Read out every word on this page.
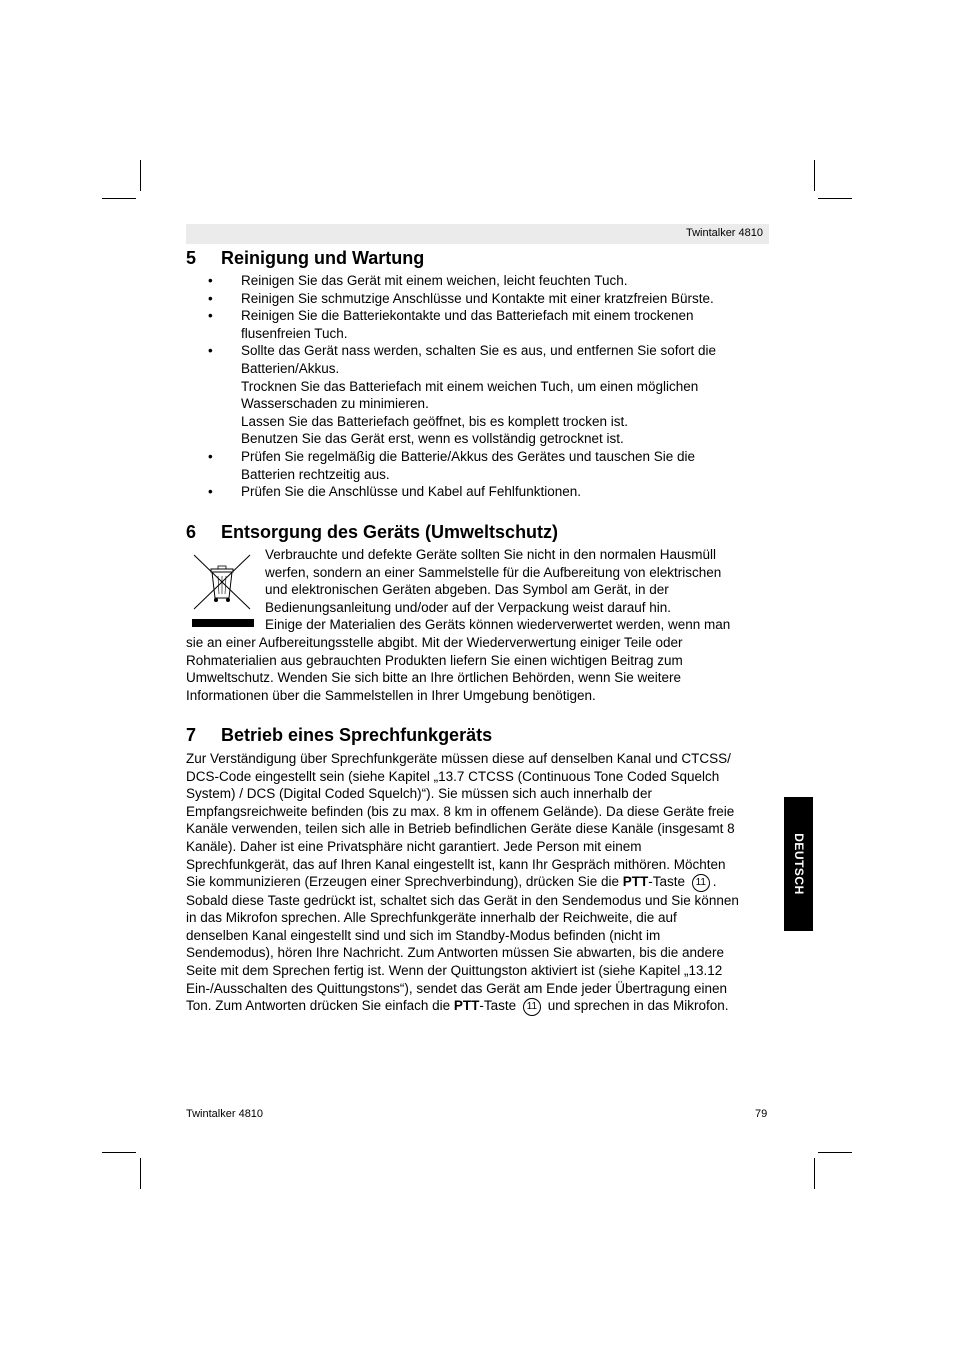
Twintalker 4810
5	Reinigung und Wartung
• Reinigen Sie das Gerät mit einem weichen, leicht feuchten Tuch.
• Reinigen Sie schmutzige Anschlüsse und Kontakte mit einer kratzfreien Bürste.
• Reinigen Sie die Batteriekontakte und das Batteriefach mit einem trockenen
flusenfreien Tuch.
• Sollte das Gerät nass werden, schalten Sie es aus, und entfernen Sie sofort die
Batterien/Akkus.
Trocknen Sie das Batteriefach mit einem weichen Tuch, um einen möglichen
Wasserschaden zu minimieren.
Lassen Sie das Batteriefach geöffnet, bis es komplett trocken ist.
Benutzen Sie das Gerät erst, wenn es vollständig getrocknet ist.
• Prüfen Sie regelmäßig die Batterie/Akkus des Gerätes und tauschen Sie die
Batterien rechtzeitig aus.
• Prüfen Sie die Anschlüsse und Kabel auf Fehlfunktionen.
6	Entsorgung des Geräts (Umweltschutz)
Verbrauchte und defekte Geräte sollten Sie nicht in den normalen Hausmüll
werfen, sondern an einer Sammelstelle für die Aufbereitung von elektrischen
und elektronischen Geräten abgeben. Das Symbol am Gerät, in der
Bedienungsanleitung und/oder auf der Verpackung weist darauf hin.
Einige der Materialien des Geräts können wiederverwertet werden, wenn man
sie an einer Aufbereitungsstelle abgibt. Mit der Wiederverwertung einiger Teile oder
Rohmaterialien aus gebrauchten Produkten liefern Sie einen wichtigen Beitrag zum
Umweltschutz. Wenden Sie sich bitte an Ihre örtlichen Behörden, wenn Sie weitere
Informationen über die Sammelstellen in Ihrer Umgebung benötigen.
7	Betrieb eines Sprechfunkgeräts
Zur Verständigung über Sprechfunkgeräte müssen diese auf denselben Kanal und CTCSS/
DCS-Code eingestellt sein (siehe Kapitel „13.7 CTCSS (Continuous Tone Coded Squelch
System) / DCS (Digital Coded Squelch)“). Sie müssen sich auch innerhalb der
Empfangsreichweite befinden (bis zu max. 8 km in offenem Gelände). Da diese Geräte freie
Kanäle verwenden, teilen sich alle in Betrieb befindlichen Geräte diese Kanäle (insgesamt 8
Kanäle). Daher ist eine Privatsphäre nicht garantiert. Jede Person mit einem
Sprechfunkgerät, das auf Ihren Kanal eingestellt ist, kann Ihr Gespräch mithören. Möchten
Sie kommunizieren (Erzeugen einer Sprechverbindung), drücken Sie die PTT-Taste 11 .
Sobald diese Taste gedrückt ist, schaltet sich das Gerät in den Sendemodus und Sie können
in das Mikrofon sprechen. Alle Sprechfunkgeräte innerhalb der Reichweite, die auf
denselben Kanal eingestellt sind und sich im Standby-Modus befinden (nicht im
Sendemodus), hören Ihre Nachricht. Zum Antworten müssen Sie abwarten, bis die andere
Seite mit dem Sprechen fertig ist. Wenn der Quittungston aktiviert ist (siehe Kapitel „13.12
Ein-/Ausschalten des Quittungstons“), sendet das Gerät am Ende jeder Übertragung einen
Ton. Zum Antworten drücken Sie einfach die PTT-Taste 11 und sprechen in das Mikrofon.
DEUTSCH
Twintalker 4810	79
